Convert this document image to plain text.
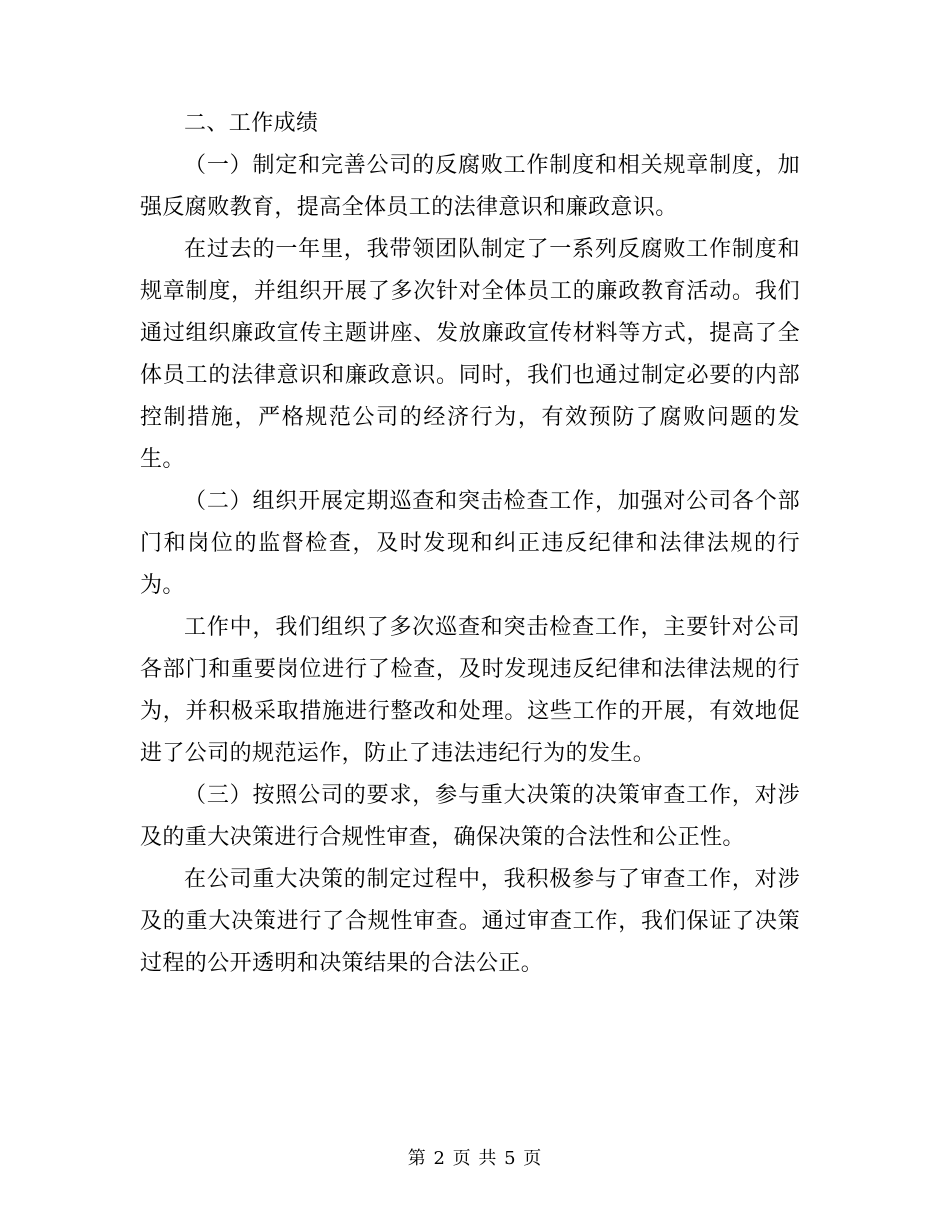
二、工作成绩

（一）制定和完善公司的反腐败工作制度和相关规章制度，加强反腐败教育，提高全体员工的法律意识和廉政意识。

在过去的一年里，我带领团队制定了一系列反腐败工作制度和规章制度，并组织开展了多次针对全体员工的廉政教育活动。我们通过组织廉政宣传主题讲座、发放廉政宣传材料等方式，提高了全体员工的法律意识和廉政意识。同时，我们也通过制定必要的内部控制措施，严格规范公司的经济行为，有效预防了腐败问题的发生。

（二）组织开展定期巡查和突击检查工作，加强对公司各个部门和岗位的监督检查，及时发现和纠正违反纪律和法律法规的行为。

工作中，我们组织了多次巡查和突击检查工作，主要针对公司各部门和重要岗位进行了检查，及时发现违反纪律和法律法规的行为，并积极采取措施进行整改和处理。这些工作的开展，有效地促进了公司的规范运作，防止了违法违纪行为的发生。

（三）按照公司的要求，参与重大决策的决策审查工作，对涉及的重大决策进行合规性审查，确保决策的合法性和公正性。

在公司重大决策的制定过程中，我积极参与了审查工作，对涉及的重大决策进行了合规性审查。通过审查工作，我们保证了决策过程的公开透明和决策结果的合法公正。

第 2 页 共 5 页
